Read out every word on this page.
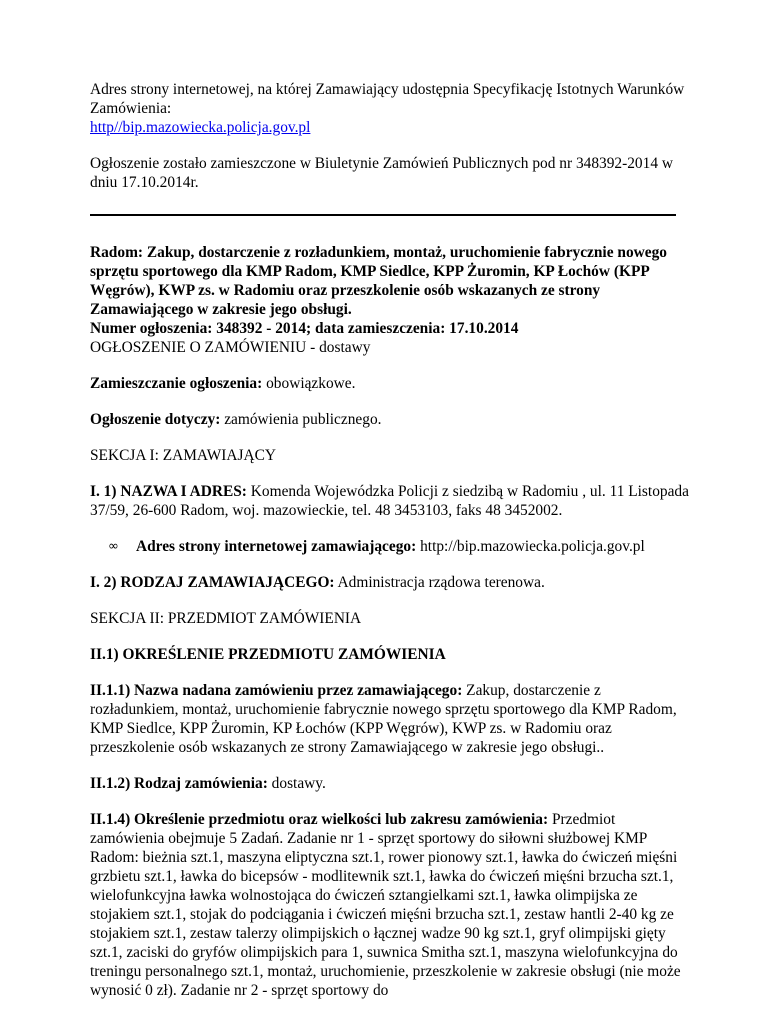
Adres strony internetowej, na której Zamawiający udostępnia Specyfikację Istotnych Warunków Zamówienia:
http//bip.mazowiecka.policja.gov.pl

Ogłoszenie zostało zamieszczone w Biuletynie Zamówień Publicznych pod nr 348392-2014 w dniu 17.10.2014r.

Radom: Zakup, dostarczenie z rozładunkiem, montaż, uruchomienie fabrycznie nowego sprzętu sportowego dla KMP Radom, KMP Siedlce, KPP Żuromin, KP Łochów (KPP Węgrów), KWP zs. w Radomiu oraz przeszkolenie osób wskazanych ze strony Zamawiającego w zakresie jego obsługi.
Numer ogłoszenia: 348392 - 2014; data zamieszczenia: 17.10.2014
OGŁOSZENIE O ZAMÓWIENIU - dostawy

Zamieszczanie ogłoszenia: obowiązkowe.

Ogłoszenie dotyczy: zamówienia publicznego.

SEKCJA I: ZAMAWIAJĄCY

I. 1) NAZWA I ADRES: Komenda Wojewódzka Policji z siedzibą w Radomiu , ul. 11 Listopada 37/59, 26-600 Radom, woj. mazowieckie, tel. 48 3453103, faks 48 3452002.

∞ Adres strony internetowej zamawiającego: http://bip.mazowiecka.policja.gov.pl

I. 2) RODZAJ ZAMAWIAJĄCEGO: Administracja rządowa terenowa.

SEKCJA II: PRZEDMIOT ZAMÓWIENIA

II.1) OKREŚLENIE PRZEDMIOTU ZAMÓWIENIA

II.1.1) Nazwa nadana zamówieniu przez zamawiającego: Zakup, dostarczenie z rozładunkiem, montaż, uruchomienie fabrycznie nowego sprzętu sportowego dla KMP Radom, KMP Siedlce, KPP Żuromin, KP Łochów (KPP Węgrów), KWP zs. w Radomiu oraz przeszkolenie osób wskazanych ze strony Zamawiającego w zakresie jego obsługi..

II.1.2) Rodzaj zamówienia: dostawy.

II.1.4) Określenie przedmiotu oraz wielkości lub zakresu zamówienia: Przedmiot zamówienia obejmuje 5 Zadań. Zadanie nr 1 - sprzęt sportowy do siłowni służbowej KMP Radom: bieżnia szt.1, maszyna eliptyczna szt.1, rower pionowy szt.1, ławka do ćwiczeń mięśni grzbietu szt.1, ławka do bicepsów - modlitewnik szt.1, ławka do ćwiczeń mięśni brzucha szt.1, wielofunkcyjna ławka wolnostojąca do ćwiczeń sztangielkami szt.1, ławka olimpijska ze stojakiem szt.1, stojak do podciągania i ćwiczeń mięśni brzucha szt.1, zestaw hantli 2-40 kg ze stojakiem szt.1, zestaw talerzy olimpijskich o łącznej wadze 90 kg szt.1, gryf olimpijski gięty szt.1, zaciski do gryfów olimpijskich para 1, suwnica Smitha szt.1, maszyna wielofunkcyjna do treningu personalnego szt.1, montaż, uruchomienie, przeszkolenie w zakresie obsługi (nie może wynosić 0 zł). Zadanie nr 2 - sprzęt sportowy do
